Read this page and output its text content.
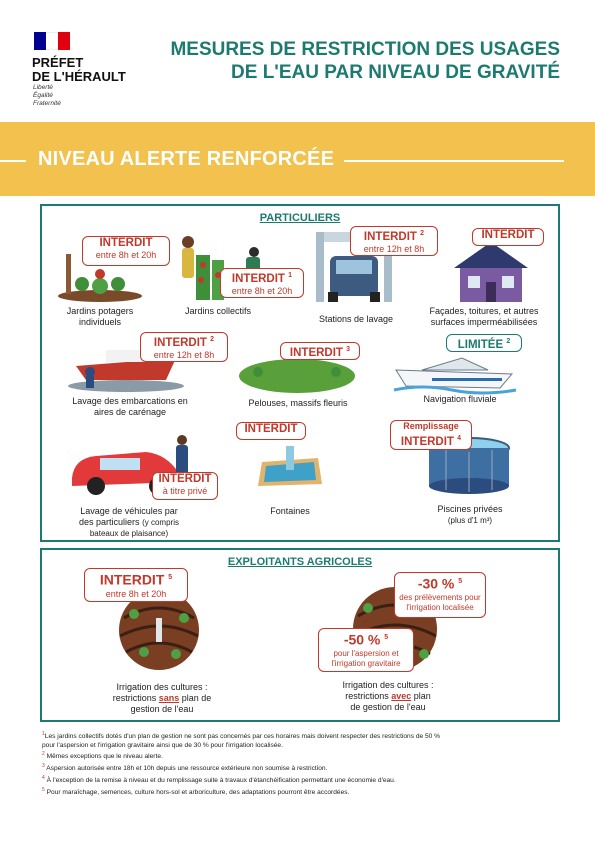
PRÉFET
DE L'HÉRAULT
Liberté
Égalité
Fraternité
MESURES DE RESTRICTION DES USAGES
DE L'EAU PAR NIVEAU DE GRAVITÉ
NIVEAU ALERTE RENFORCÉE
PARTICULIERS
INTERDIT
entre 8h et 20h
INTERDIT $^1$
entre 8h et 20h
INTERDIT $^2$
entre 12h et 8h
INTERDIT
INTERDIT $^2$
entre 12h et 8h	INTERDIT $^3$	LIMITÉE $^2$
INTERDIT
à titre privé
INTERDIT	Remplissage
INTERDIT $^4$
Jardins potagers
individuels
Jardins collectifs
Stations de lavage
Façades, toitures, et autres
surfaces imperméabilisées
Lavage des embarcations en
aires de carénage
Pelouses, massifs fleuris	Navigation fluviale
Lavage de véhicules par
des particuliers (y compris
bateaux de plaisance)
Fontaines	Piscines privées
(plus d'1 m³)
EXPLOITANTS AGRICOLES
INTERDIT $^5$
entre 8h et 20h
-30 % $^5$
des prélèvements pour
l'irrigation localisée
-50 % $^5$
pour l'aspersion et
l'irrigation gravitaire
Irrigation des cultures :
restrictions sans plan de
gestion de l'eau
Irrigation des cultures :
restrictions avec plan
de gestion de l'eau
$^1$Les jardins collectifs dotés d'un plan de gestion ne sont pas concernés par ces horaires mais doivent respecter des restrictions de 50 %
pour l'aspersion et l'irrigation gravitaire ainsi que de 30 % pour l'irrigation localisée.
$^2$ Mêmes exceptions que le niveau alerte.
$^3$ Aspersion autorisée entre 18h et 10h depuis une ressource extérieure non soumise à restriction.
$^4$ À l'exception de la remise à niveau et du remplissage suite à travaux d'étanchéification permettant une économie d'eau.
$^5$ Pour maraîchage, semences, culture hors-sol et arboriculture, des adaptations pourront être accordées.
